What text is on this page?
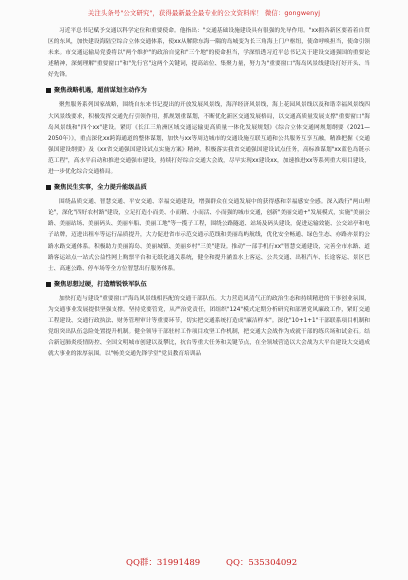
关注头条号"公文研究"，获得最新最全最专业的公文资料库！ 微信：gongwenyj

习近平总书记赋予交通以科学定位和重要使命。他指出："交通基础设施建设具有很强的先导作用。"xx拥各新区要着着自贸区的东风，加快建设海陆空综合立体交通体系，使xx从解除东海一隅的岛城变为长三角海上门户枢纽，使命呼唤担当，使命引领未来。市交通运输局党委将以"两个维护"的政治自觉和"三个地"的使命担当，学深悟透习近平总书记关于建设交通强国的重要论述精神，深刻理解"重要窗口"和"先行官"这两个关键词，提高站位、集聚力量，努力为"重要窗口"海岛风景线建设打好开头、当好先锋。

聚焦战略机遇，超前谋划主动作为

聚焦服务系列国家战略，围绕自东来书记提出的开放发展风景线，海洋经济风景线，海上花园风景线以及和谐幸福风景线四大风景线要求，积极发挥交通先行引领作用，抓规划重谋划，不断优化新区交通发展格局，以交通高质量发展支撑"重要窗口"海岛风景线和"四个xx"建设。紧盯《长江三角洲区域交通运输更高质量一体化发展规划》《综合立体交通网规划纲要（2021—2050年）》，重点深化xx跨海通道的整体谋划，加快与xx等周边城市的交通设施互联互通和公共服务互享互融，精准把握《交通强国建设纲要》及《xx省交通强国建设试点实施方案》精神，积极落实我省交通强国建设试点任务，高标准谋划"xx蓝色岛链示范工程"，高水平启动和推进交通强市建设，持续打好综合交通大会战，尽早实现xx建设xx，加速推进xx等系列重大项目建设，进一步优化综合交通格局。

聚焦民生实事，全力提升能级品质

围绕品质交通、智慧交通、平安交通、幸福交通建设，增强群众在交通发展中的获得感和幸福感安全感。深入践行"两山理论"，深化"四好农村路"建设，立足打造小而美、小而精、小而活、小而强的城市交通，创新"美丽交通+"发展模式，实施"美丽公路、美丽站场、美丽码头、美丽车船、美丽工地"等一揽子工程，围绕公路隧道、站场及码头建设，促进运输效能、公交站亭和电子站牌，迈进出租车等运行品质提升，大力促进省市示范交通示范线和美丽岛屿航线，优化安全畅通、绿色生态、亦路亦景的公路水路交通体系。积极助力美丽海岛、美丽城镇、美丽乡村"三美"建设。推动"一部手机行xx"智慧交通建设，完善全市水路、道路客运站点一站式公益性网上购票平台和无纸化通关系统，健全和提升涵盖水上客运、公共交通、出租汽车、长途客运、景区巴士、高速公路、停车场等全方位智慧出行服务体系。

聚焦思想过硬，打造精锐铁军队伍

加快打造与建设"重要窗口"海岛风景线相匹配的交通干部队伍。大力营造风清气正的政治生态和持续精进的干事创业氛围，为交通事业发展提供坚强支撑。坚持党要管党，从严治党责任，团组织"124"模式定期分析研究和部署党风廉政工作，紧盯交通工程建设、交通行政执法、财务管理审计等重要环节，切实把交通系统打造成"廉洁样本"。深化"10+1+1"干部联系项目机制和党组突出队伍急险处置提升机制。健全领导干部驻村工作项目攻坚工作机制，把交通大会战作为成就干部的练兵场和试金石。结合新冠肺炎疫情防控、全国文明城市创建以及攀比，抗台等重大任务和关键节点，在全领域营造以大会战为大平台建设大交通成就大事业的浓厚氛围。以"畅美交通先锋学堂"党员教育培训品

QQ群：31991489	QQ：535304092
